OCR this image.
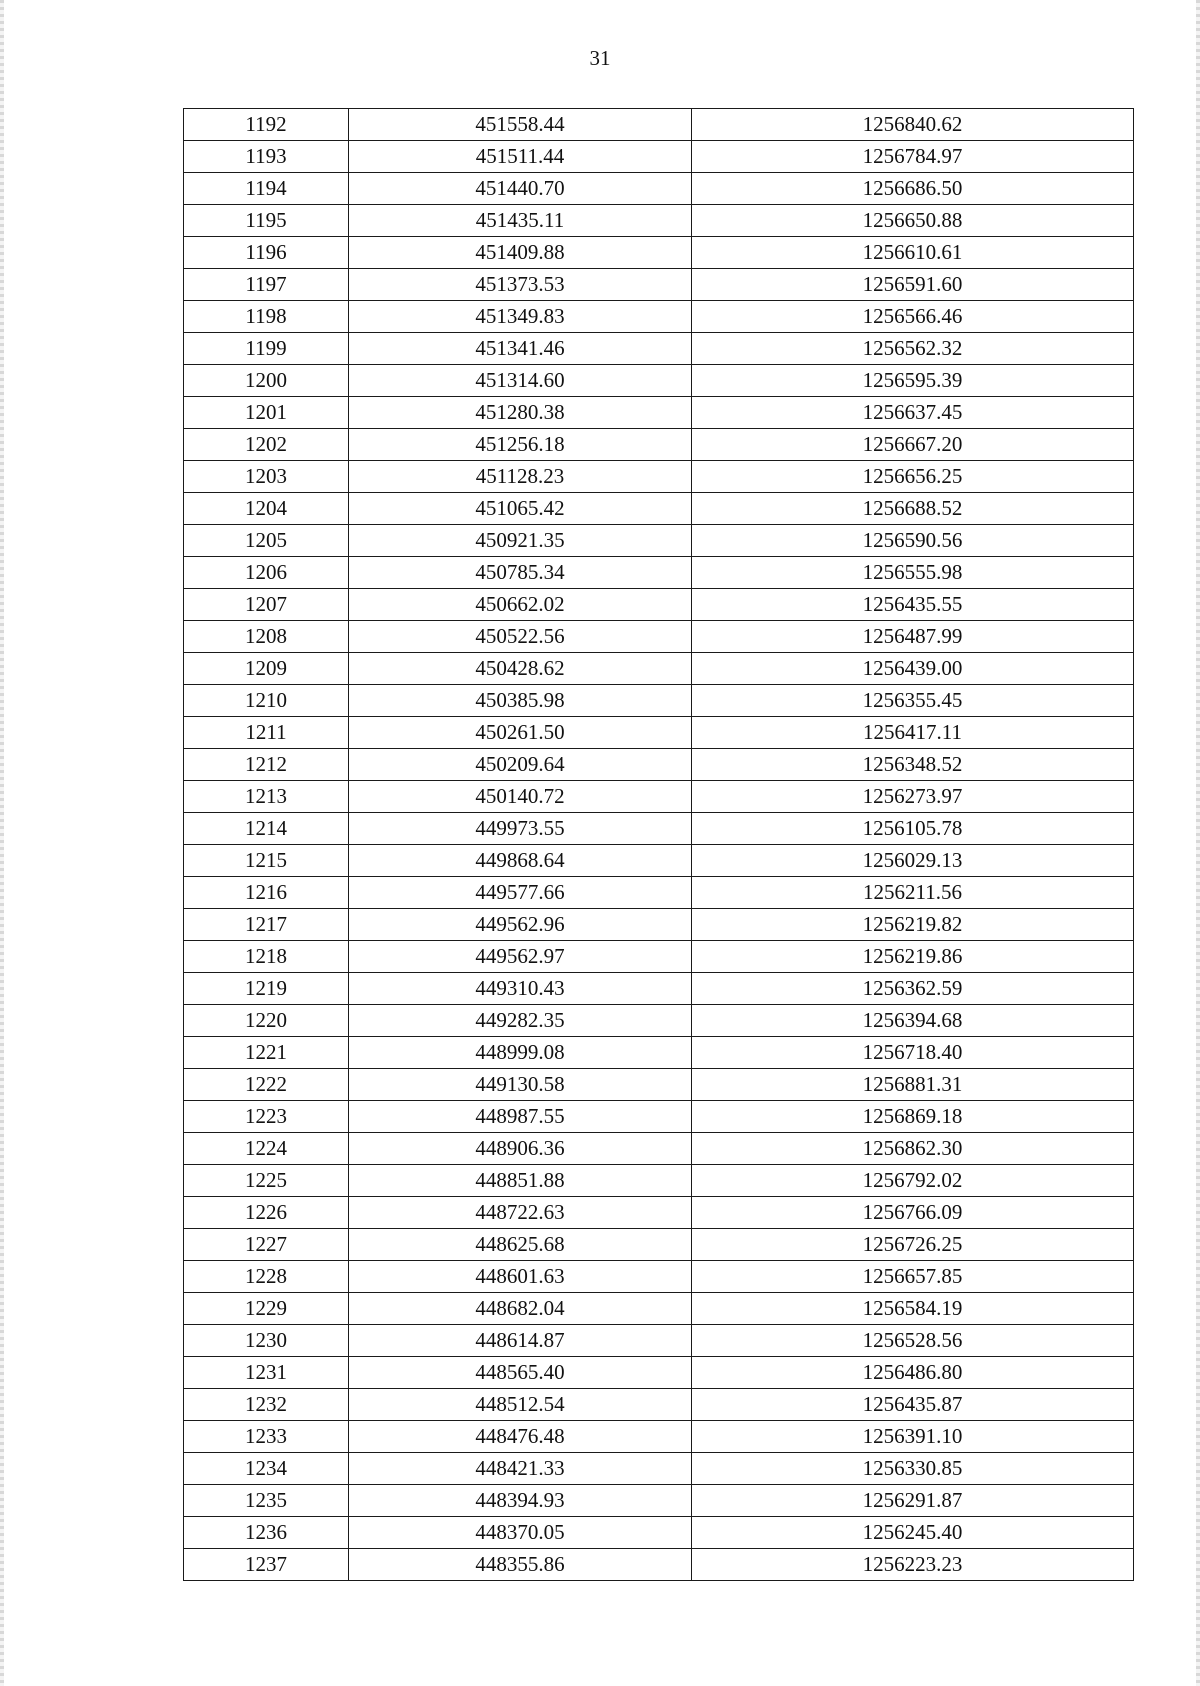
31
1192	451558.44	1256840.62
1193	451511.44	1256784.97
1194	451440.70	1256686.50
1195	451435.11	1256650.88
1196	451409.88	1256610.61
1197	451373.53	1256591.60
1198	451349.83	1256566.46
1199	451341.46	1256562.32
1200	451314.60	1256595.39
1201	451280.38	1256637.45
1202	451256.18	1256667.20
1203	451128.23	1256656.25
1204	451065.42	1256688.52
1205	450921.35	1256590.56
1206	450785.34	1256555.98
1207	450662.02	1256435.55
1208	450522.56	1256487.99
1209	450428.62	1256439.00
1210	450385.98	1256355.45
1211	450261.50	1256417.11
1212	450209.64	1256348.52
1213	450140.72	1256273.97
1214	449973.55	1256105.78
1215	449868.64	1256029.13
1216	449577.66	1256211.56
1217	449562.96	1256219.82
1218	449562.97	1256219.86
1219	449310.43	1256362.59
1220	449282.35	1256394.68
1221	448999.08	1256718.40
1222	449130.58	1256881.31
1223	448987.55	1256869.18
1224	448906.36	1256862.30
1225	448851.88	1256792.02
1226	448722.63	1256766.09
1227	448625.68	1256726.25
1228	448601.63	1256657.85
1229	448682.04	1256584.19
1230	448614.87	1256528.56
1231	448565.40	1256486.80
1232	448512.54	1256435.87
1233	448476.48	1256391.10
1234	448421.33	1256330.85
1235	448394.93	1256291.87
1236	448370.05	1256245.40
1237	448355.86	1256223.23
